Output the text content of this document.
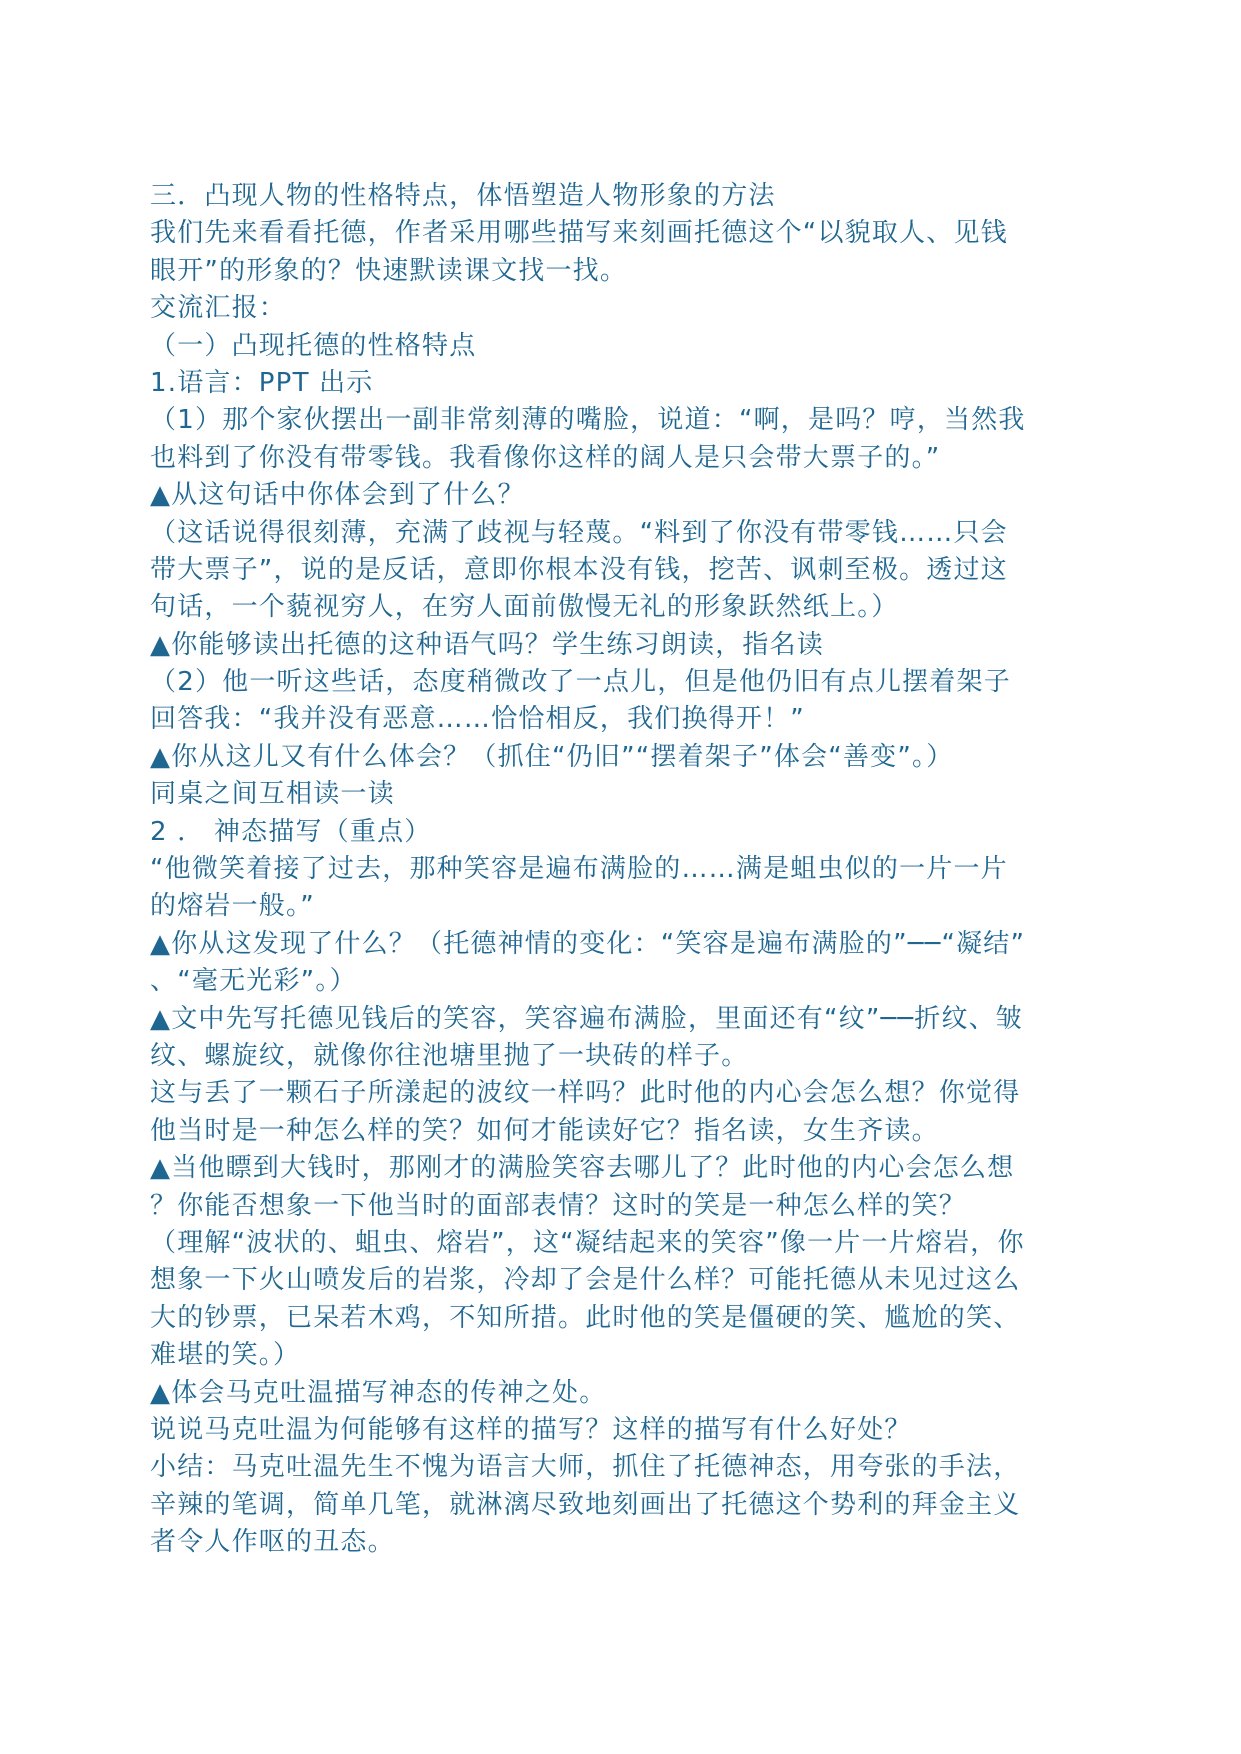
三．凸现人物的性格特点，体悟塑造人物形象的方法
我们先来看看托德，作者采用哪些描写来刻画托德这个“以貌取人、见钱
眼开”的形象的？快速默读课文找一找。
交流汇报：
（一）凸现托德的性格特点
1.语言：PPT 出示
（1）那个家伙摆出一副非常刻薄的嘴脸，说道：“啊，是吗？哼，当然我
也料到了你没有带零钱。我看像你这样的阔人是只会带大票子的。”
▲从这句话中你体会到了什么？
（这话说得很刻薄，充满了歧视与轻蔑。“料到了你没有带零钱……只会
带大票子”，说的是反话，意即你根本没有钱，挖苦、讽刺至极。透过这
句话，一个藐视穷人，在穷人面前傲慢无礼的形象跃然纸上。）
▲你能够读出托德的这种语气吗？学生练习朗读，指名读
（2）他一听这些话，态度稍微改了一点儿，但是他仍旧有点儿摆着架子
回答我：“我并没有恶意……恰恰相反，我们换得开！”
▲你从这儿又有什么体会？（抓住“仍旧”“摆着架子”体会“善变”。）
同桌之间互相读一读
2 ． 神态描写（重点）
“他微笑着接了过去，那种笑容是遍布满脸的……满是蛆虫似的一片一片
的熔岩一般。”
▲你从这发现了什么？（托德神情的变化：“笑容是遍布满脸的”──“凝结”
、“毫无光彩”。）
▲文中先写托德见钱后的笑容，笑容遍布满脸，里面还有“纹”──折纹、皱
纹、螺旋纹，就像你往池塘里抛了一块砖的样子。
这与丢了一颗石子所漾起的波纹一样吗？此时他的内心会怎么想？你觉得
他当时是一种怎么样的笑？如何才能读好它？指名读，女生齐读。
▲当他瞟到大钱时，那刚才的满脸笑容去哪儿了？此时他的内心会怎么想
？你能否想象一下他当时的面部表情？这时的笑是一种怎么样的笑？
（理解“波状的、蛆虫、熔岩”，这“凝结起来的笑容”像一片一片熔岩，你
想象一下火山喷发后的岩浆，冷却了会是什么样？可能托德从未见过这么
大的钞票，已呆若木鸡，不知所措。此时他的笑是僵硬的笑、尴尬的笑、
难堪的笑。）
▲体会马克吐温描写神态的传神之处。
说说马克吐温为何能够有这样的描写？这样的描写有什么好处？
小结：马克吐温先生不愧为语言大师，抓住了托德神态，用夸张的手法，
辛辣的笔调，简单几笔，就淋漓尽致地刻画出了托德这个势利的拜金主义
者令人作呕的丑态。
